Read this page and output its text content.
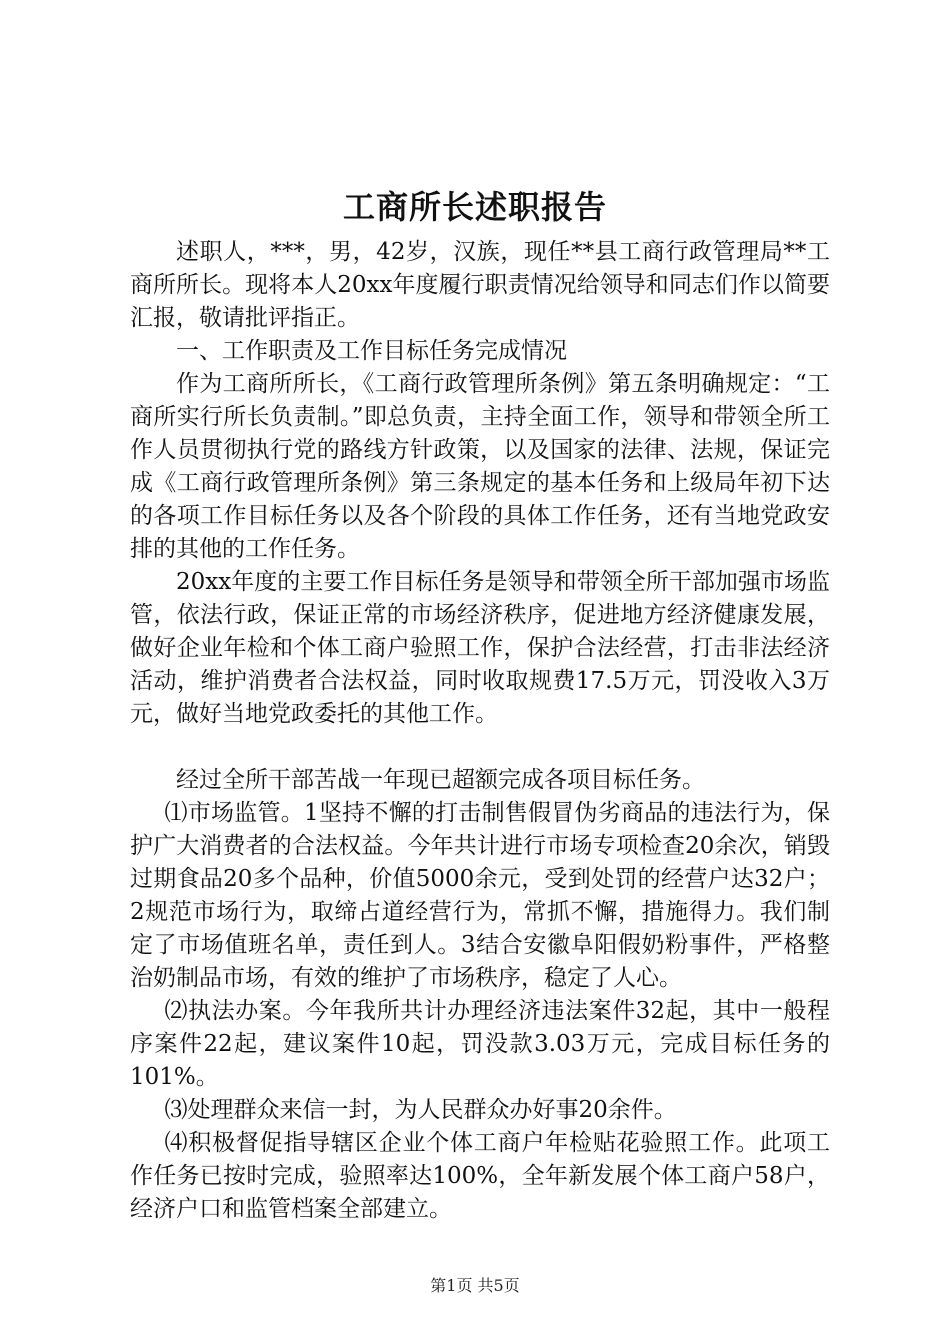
工商所长述职报告

述职人，***，男，42岁，汉族，现任**县工商行政管理局**工商所所长。现将本人20xx年度履行职责情况给领导和同志们作以简要汇报，敬请批评指正。

一、工作职责及工作目标任务完成情况

作为工商所所长，《工商行政管理所条例》第五条明确规定：“工商所实行所长负责制。”即总负责，主持全面工作，领导和带领全所工作人员贯彻执行党的路线方针政策，以及国家的法律、法规，保证完成《工商行政管理所条例》第三条规定的基本任务和上级局年初下达的各项工作目标任务以及各个阶段的具体工作任务，还有当地党政安排的其他的工作任务。

20xx年度的主要工作目标任务是领导和带领全所干部加强市场监管，依法行政，保证正常的市场经济秩序，促进地方经济健康发展，做好企业年检和个体工商户验照工作，保护合法经营，打击非法经济活动，维护消费者合法权益，同时收取规费17.5万元，罚没收入3万元，做好当地党政委托的其他工作。

经过全所干部苦战一年现已超额完成各项目标任务。

⑴市场监管。1坚持不懈的打击制售假冒伪劣商品的违法行为，保护广大消费者的合法权益。今年共计进行市场专项检查20余次，销毁过期食品20多个品种，价值5000余元，受到处罚的经营户达32户；2规范市场行为，取缔占道经营行为，常抓不懈，措施得力。我们制定了市场值班名单，责任到人。3结合安徽阜阳假奶粉事件，严格整治奶制品市场，有效的维护了市场秩序，稳定了人心。

⑵执法办案。今年我所共计办理经济违法案件32起，其中一般程序案件22起，建议案件10起，罚没款3.03万元，完成目标任务的101%。

⑶处理群众来信一封，为人民群众办好事20余件。

⑷积极督促指导辖区企业个体工商户年检贴花验照工作。此项工作任务已按时完成，验照率达100%，全年新发展个体工商户58户，经济户口和监管档案全部建立。

第1页 共5页
